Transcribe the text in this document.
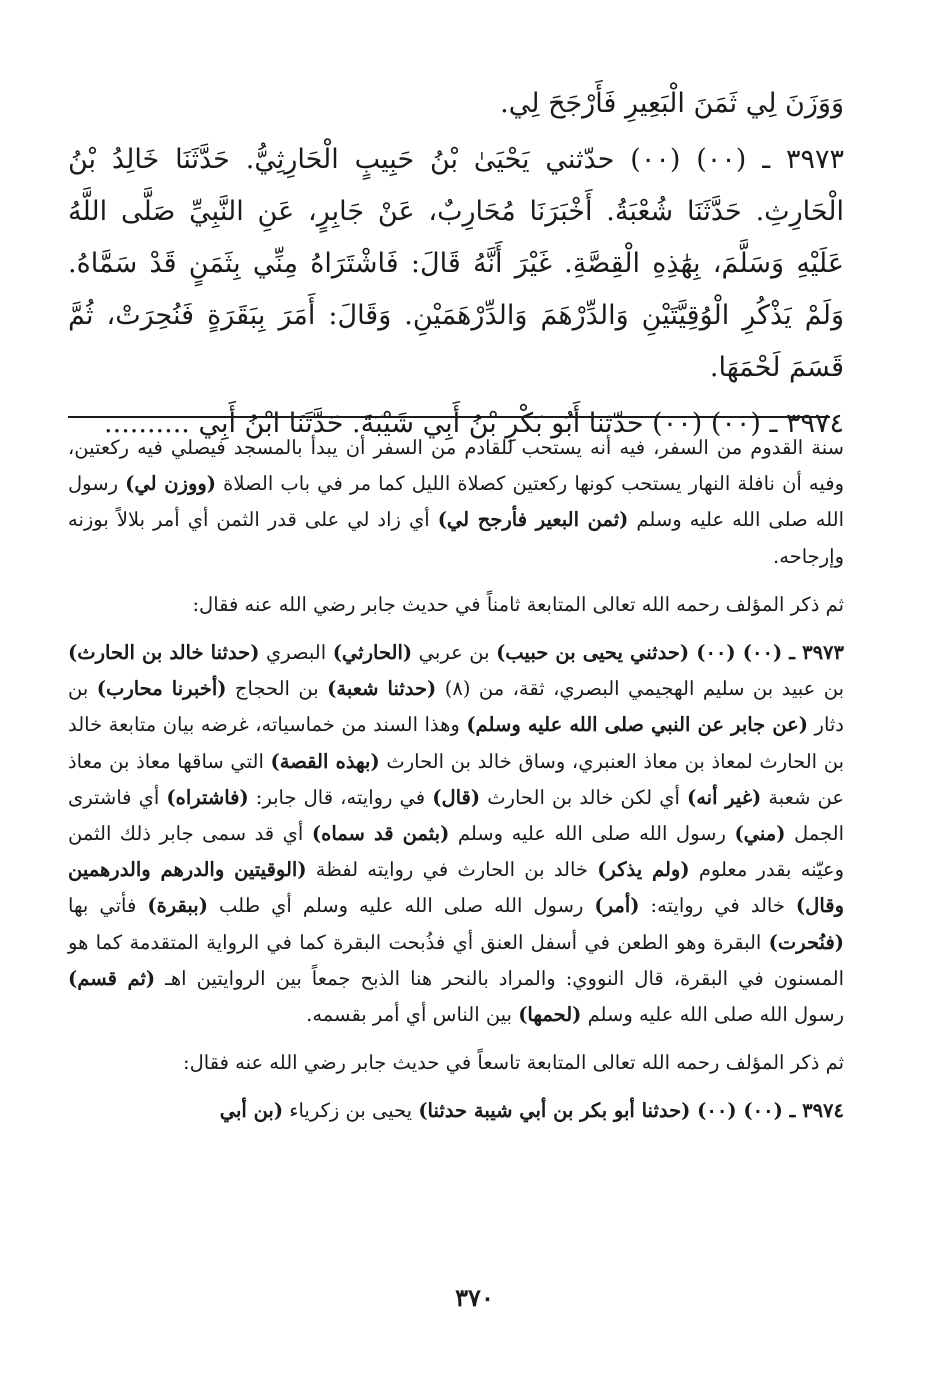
وَوَزَنَ لِي ثَمَنَ الْبَعِيرِ فَأَرْجَحَ لِي.

٣٩٧٣ ـ (٠٠) (٠٠) حدّثني يَحْيَىٰ بْنُ حَبِيبٍ الْحَارِثِيُّ. حَدَّثَنَا خَالِدُ بْنُ الْحَارِثِ. حَدَّثَنَا شُعْبَةُ. أَخْبَرَنَا مُحَارِبٌ، عَنْ جَابِرٍ، عَنِ النَّبِيِّ صَلَّى اللَّهُ عَلَيْهِ وَسَلَّمَ، بِهَٰذِهِ الْقِصَّةِ. غَيْرَ أَنَّهُ قَالَ: فَاشْتَرَاهُ مِنِّي بِثَمَنٍ قَدْ سَمَّاهُ. وَلَمْ يَذْكُرِ الْوُقِيَّتَيْنِ وَالدِّرْهَمَ وَالدِّرْهَمَيْنِ. وَقَالَ: أَمَرَ بِبَقَرَةٍ فَنُحِرَتْ، ثُمَّ قَسَمَ لَحْمَهَا.

٣٩٧٤ ـ (٠٠) (٠٠) حدّثنا أَبُو بَكْرِ بْنُ أَبِي شَيْبَةَ. حَدَّثَنَا ابْنُ أَبِي ..........

سنة القدوم من السفر، فيه أنه يستحب للقادم من السفر أن يبدأ بالمسجد فيصلي فيه ركعتين، وفيه أن نافلة النهار يستحب كونها ركعتين كصلاة الليل كما مر في باب الصلاة (ووزن لي) رسول الله صلى الله عليه وسلم (ثمن البعير فأرجح لي) أي زاد لي على قدر الثمن أي أمر بلالاً بوزنه وإرجاحه.

ثم ذكر المؤلف رحمه الله تعالى المتابعة ثامناً في حديث جابر رضي الله عنه فقال:

٣٩٧٣ ـ (٠٠) (٠٠) (حدثني يحيى بن حبيب) بن عربي (الحارثي) البصري (حدثنا خالد بن الحارث) بن عبيد بن سليم الهجيمي البصري، ثقة، من (٨) (حدثنا شعبة) بن الحجاج (أخبرنا محارب) بن دثار (عن جابر عن النبي صلى الله عليه وسلم) وهذا السند من خماسياته، غرضه بيان متابعة خالد بن الحارث لمعاذ بن معاذ العنبري، وساق خالد بن الحارث (بهذه القصة) التي ساقها معاذ بن معاذ عن شعبة (غير أنه) أي لكن خالد بن الحارث (قال) في روايته، قال جابر: (فاشتراه) أي فاشترى الجمل (مني) رسول الله صلى الله عليه وسلم (بثمن قد سماه) أي قد سمى جابر ذلك الثمن وعيّنه بقدر معلوم (ولم يذكر) خالد بن الحارث في روايته لفظة (الوقيتين والدرهم والدرهمين وقال) خالد في روايته: (أمر) رسول الله صلى الله عليه وسلم أي طلب (ببقرة) فأتي بها (فنُحرت) البقرة وهو الطعن في أسفل العنق أي فذُبحت البقرة كما في الرواية المتقدمة كما هو المسنون في البقرة، قال النووي: والمراد بالنحر هنا الذبح جمعاً بين الروايتين اهـ (ثم قسم) رسول الله صلى الله عليه وسلم (لحمها) بين الناس أي أمر بقسمه.

ثم ذكر المؤلف رحمه الله تعالى المتابعة تاسعاً في حديث جابر رضي الله عنه فقال:

٣٩٧٤ ـ (٠٠) (٠٠) (حدثنا أبو بكر بن أبي شيبة حدثنا) يحيى بن زكرياء (بن أبي

٣٧٠
